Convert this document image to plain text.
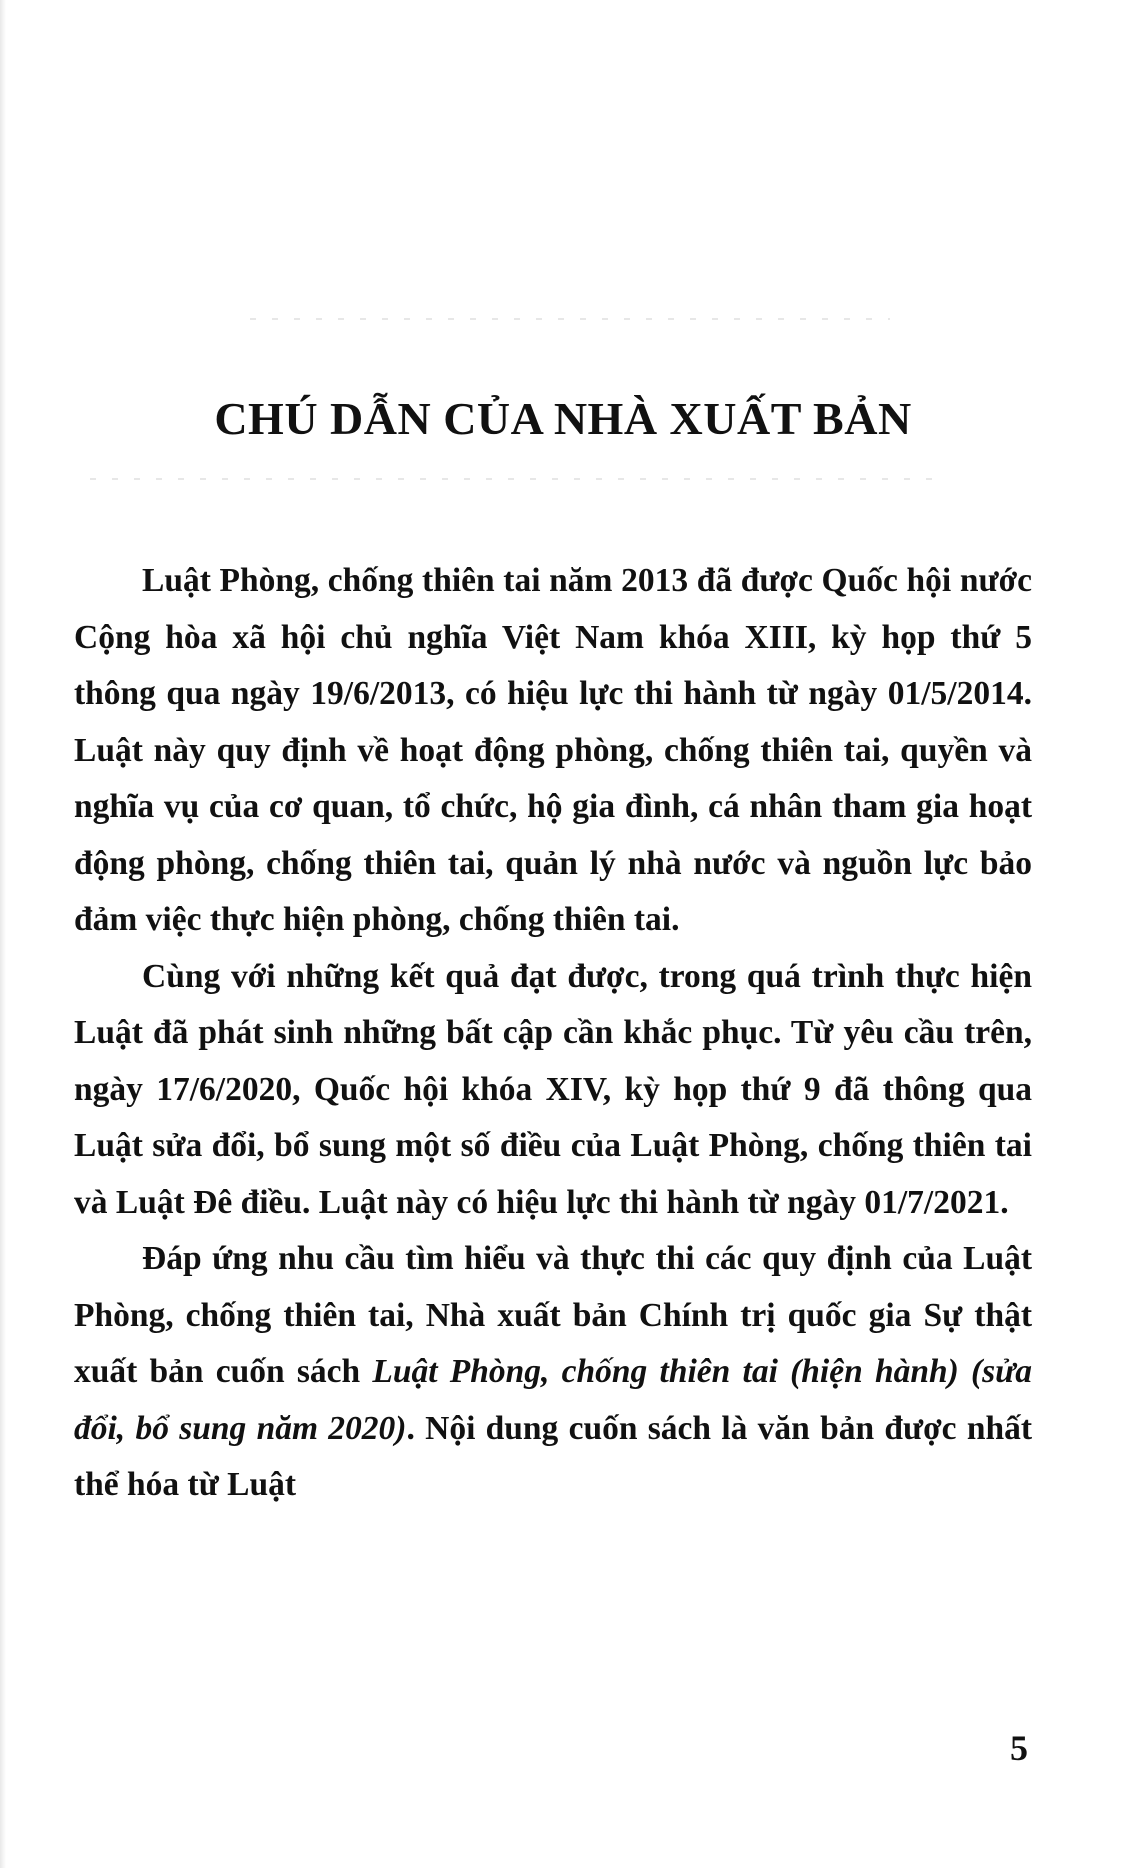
CHÚ DẪN CỦA NHÀ XUẤT BẢN

Luật Phòng, chống thiên tai năm 2013 đã được Quốc hội nước Cộng hòa xã hội chủ nghĩa Việt Nam khóa XIII, kỳ họp thứ 5 thông qua ngày 19/6/2013, có hiệu lực thi hành từ ngày 01/5/2014. Luật này quy định về hoạt động phòng, chống thiên tai, quyền và nghĩa vụ của cơ quan, tổ chức, hộ gia đình, cá nhân tham gia hoạt động phòng, chống thiên tai, quản lý nhà nước và nguồn lực bảo đảm việc thực hiện phòng, chống thiên tai.

Cùng với những kết quả đạt được, trong quá trình thực hiện Luật đã phát sinh những bất cập cần khắc phục. Từ yêu cầu trên, ngày 17/6/2020, Quốc hội khóa XIV, kỳ họp thứ 9 đã thông qua Luật sửa đổi, bổ sung một số điều của Luật Phòng, chống thiên tai và Luật Đê điều. Luật này có hiệu lực thi hành từ ngày 01/7/2021.

Đáp ứng nhu cầu tìm hiểu và thực thi các quy định của Luật Phòng, chống thiên tai, Nhà xuất bản Chính trị quốc gia Sự thật xuất bản cuốn sách Luật Phòng, chống thiên tai (hiện hành) (sửa đổi, bổ sung năm 2020). Nội dung cuốn sách là văn bản được nhất thể hóa từ Luật

5
